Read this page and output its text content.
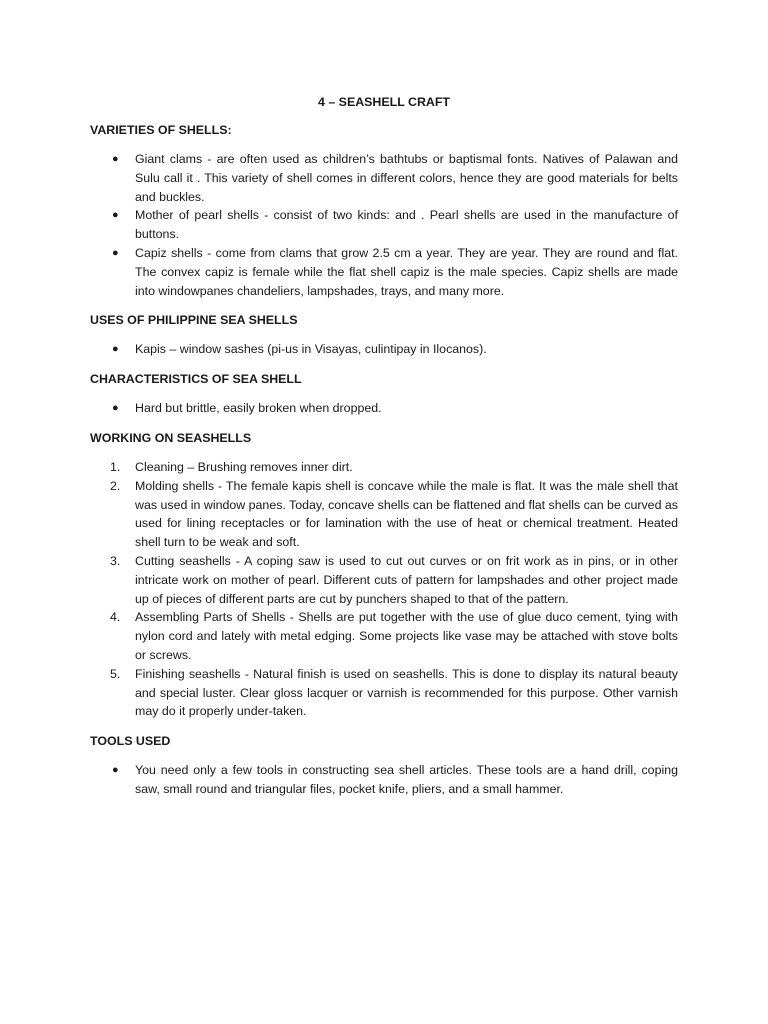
4 – SEASHELL CRAFT
VARIETIES OF SHELLS:
● Giant clams - are often used as children’s bathtubs or baptismal fonts. Natives of Palawan and Sulu call it . This variety of shell comes in different colors, hence they are good materials for belts and buckles.
● Mother of pearl shells - consist of two kinds: and . Pearl shells are used in the manufacture of buttons.
● Capiz shells - come from clams that grow 2.5 cm a year. They are year. They are round and flat. The convex capiz is female while the flat shell capiz is the male species. Capiz shells are made into windowpanes chandeliers, lampshades, trays, and many more.
USES OF PHILIPPINE SEA SHELLS
● Kapis – window sashes (pi-us in Visayas, culintipay in Ilocanos).
CHARACTERISTICS OF SEA SHELL
● Hard but brittle, easily broken when dropped.
WORKING ON SEASHELLS
1. Cleaning – Brushing removes inner dirt.
2. Molding shells - The female kapis shell is concave while the male is flat. It was the male shell that was used in window panes. Today, concave shells can be flattened and flat shells can be curved as used for lining receptacles or for lamination with the use of heat or chemical treatment. Heated shell turn to be weak and soft.
3. Cutting seashells - A coping saw is used to cut out curves or on frit work as in pins, or in other intricate work on mother of pearl. Different cuts of pattern for lampshades and other project made up of pieces of different parts are cut by punchers shaped to that of the pattern.
4. Assembling Parts of Shells - Shells are put together with the use of glue duco cement, tying with nylon cord and lately with metal edging. Some projects like vase may be attached with stove bolts or screws.
5. Finishing seashells - Natural finish is used on seashells. This is done to display its natural beauty and special luster. Clear gloss lacquer or varnish is recommended for this purpose. Other varnish may do it properly under-taken.
TOOLS USED
● You need only a few tools in constructing sea shell articles. These tools are a hand drill, coping saw, small round and triangular files, pocket knife, pliers, and a small hammer.
